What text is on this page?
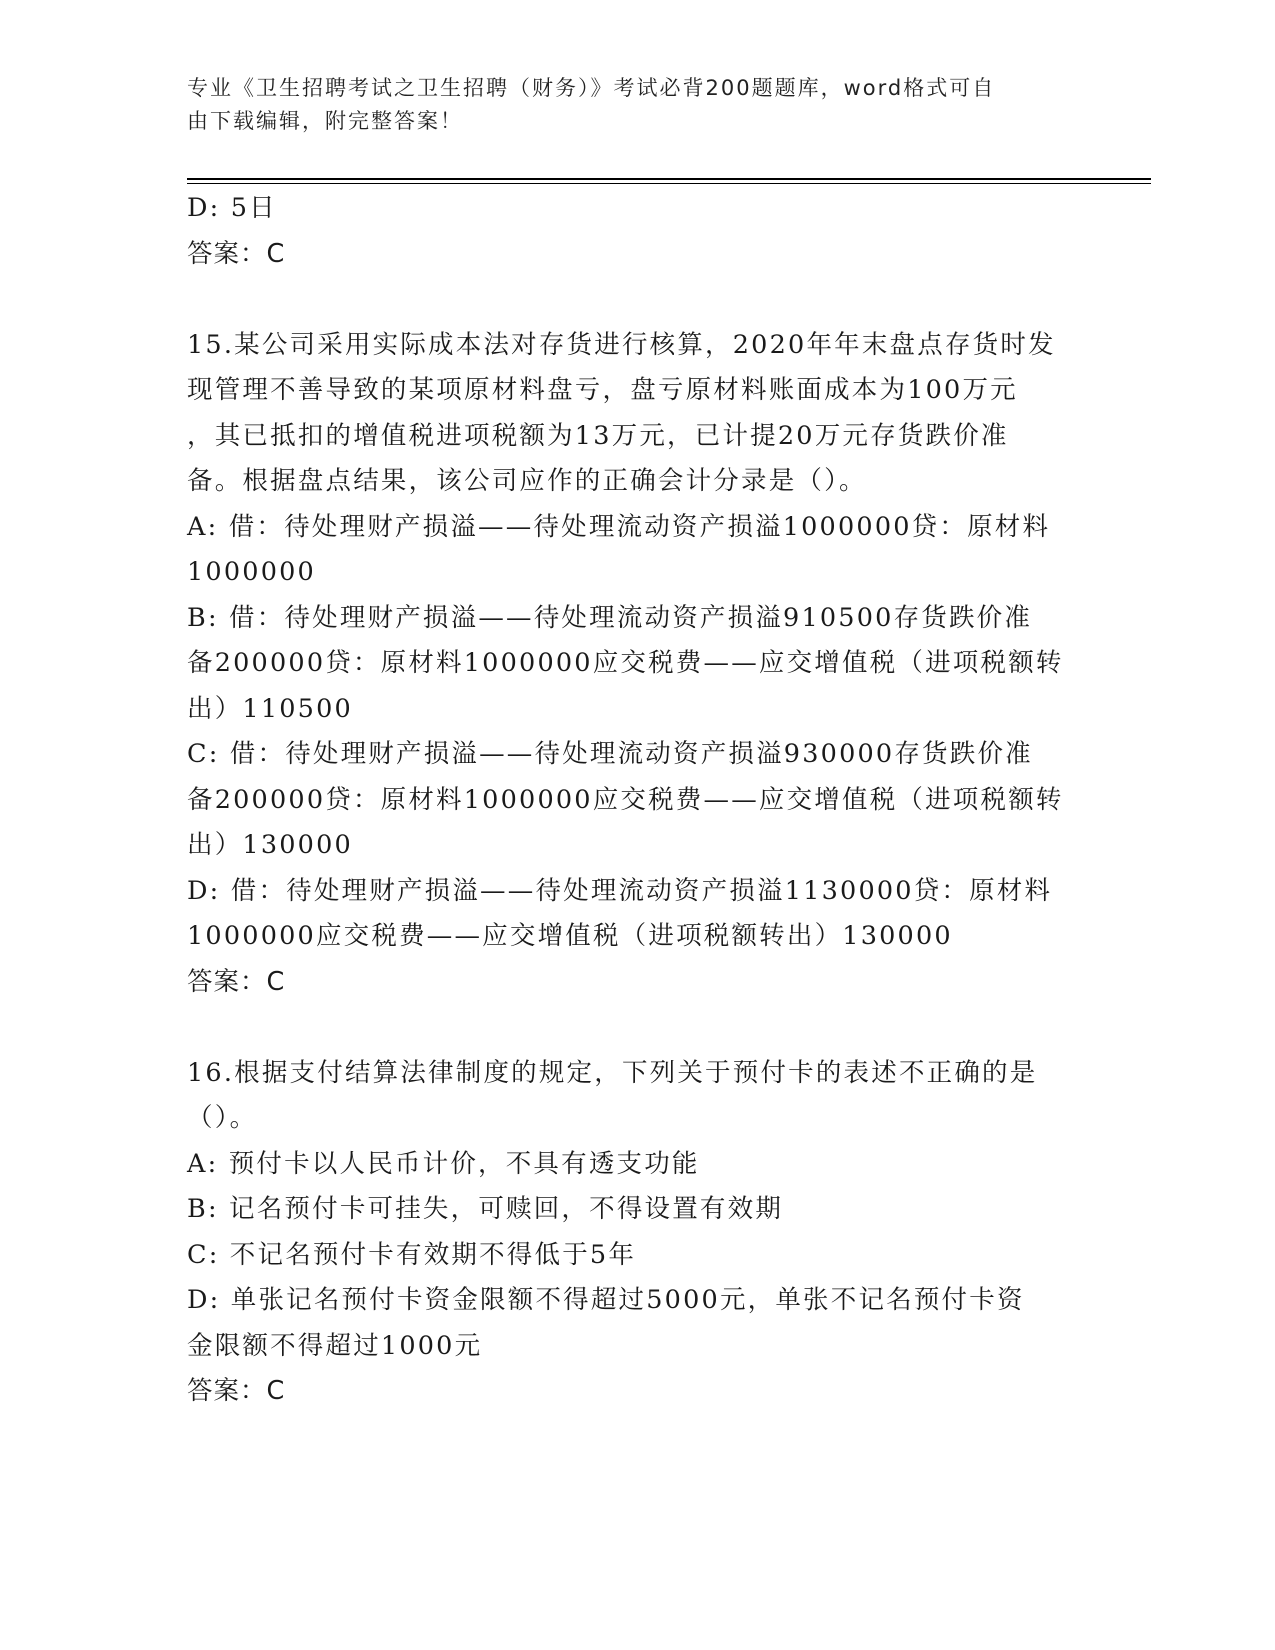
专业《卫生招聘考试之卫生招聘（财务）》考试必背200题题库，word格式可自
由下载编辑，附完整答案！
D: 5日
答案：C
15.某公司采用实际成本法对存货进行核算，2020年年末盘点存货时发
现管理不善导致的某项原材料盘亏，盘亏原材料账面成本为100万元
，其已抵扣的增值税进项税额为13万元，已计提20万元存货跌价准
备。根据盘点结果，该公司应作的正确会计分录是（）。
A: 借：待处理财产损溢——待处理流动资产损溢1000000贷：原材料
1000000
B: 借：待处理财产损溢——待处理流动资产损溢910500存货跌价准
备200000贷：原材料1000000应交税费——应交增值税（进项税额转
出）110500
C: 借：待处理财产损溢——待处理流动资产损溢930000存货跌价准
备200000贷：原材料1000000应交税费——应交增值税（进项税额转
出）130000
D: 借：待处理财产损溢——待处理流动资产损溢1130000贷：原材料
1000000应交税费——应交增值税（进项税额转出）130000
答案：C
16.根据支付结算法律制度的规定，下列关于预付卡的表述不正确的是
（）。
A: 预付卡以人民币计价，不具有透支功能
B: 记名预付卡可挂失，可赎回，不得设置有效期
C: 不记名预付卡有效期不得低于5年
D: 单张记名预付卡资金限额不得超过5000元，单张不记名预付卡资
金限额不得超过1000元
答案：C
